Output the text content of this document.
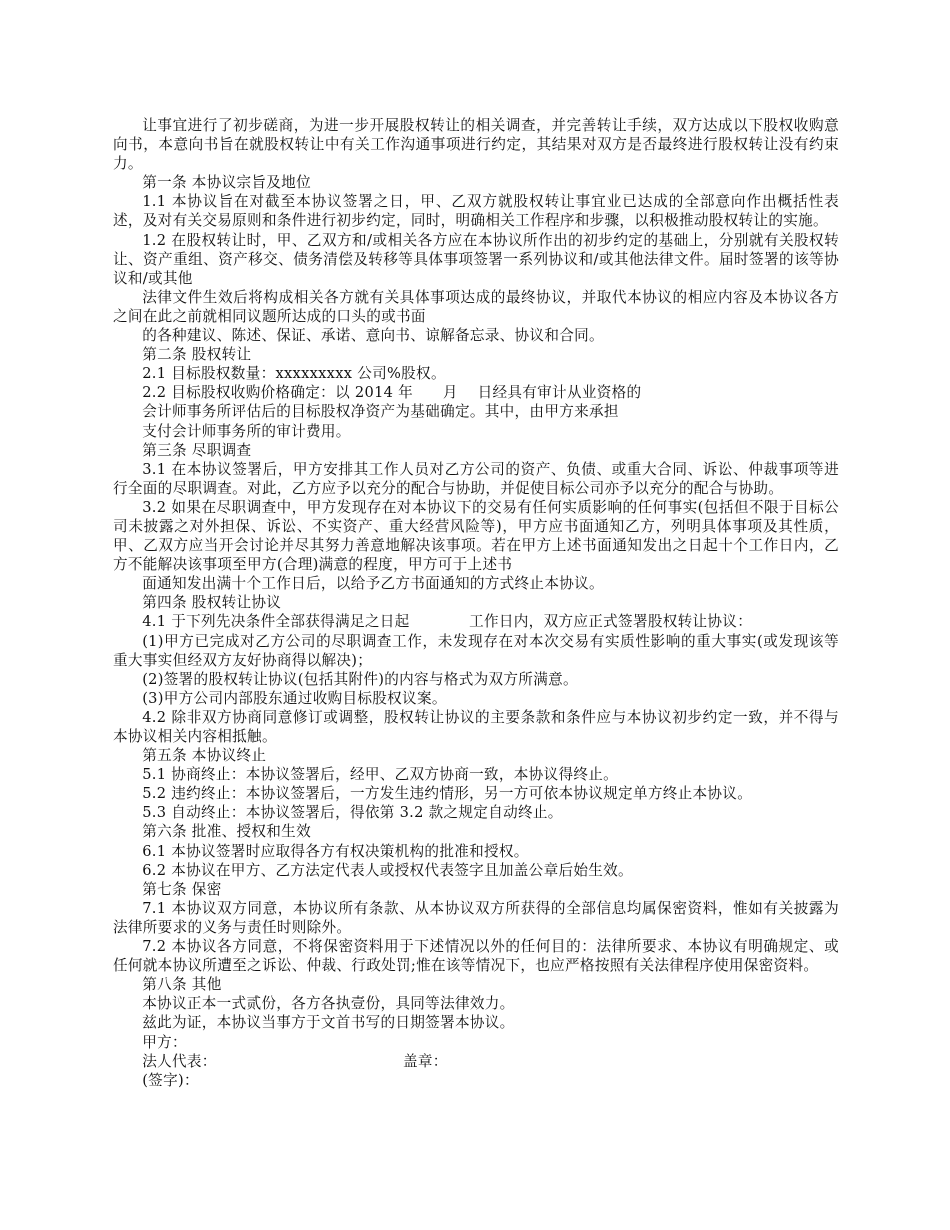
让事宜进行了初步磋商，为进一步开展股权转让的相关调查，并完善转让手续，双方达成以下股权收购意向书，本意向书旨在就股权转让中有关工作沟通事项进行约定，其结果对双方是否最终进行股权转让没有约束力。

第一条 本协议宗旨及地位

1.1 本协议旨在对截至本协议签署之日，甲、乙双方就股权转让事宜业已达成的全部意向作出概括性表述，及对有关交易原则和条件进行初步约定，同时，明确相关工作程序和步骤，以积极推动股权转让的实施。

1.2 在股权转让时，甲、乙双方和/或相关各方应在本协议所作出的初步约定的基础上，分别就有关股权转让、资产重组、资产移交、债务清偿及转移等具体事项签署一系列协议和/或其他法律文件。届时签署的该等协议和/或其他

法律文件生效后将构成相关各方就有关具体事项达成的最终协议，并取代本协议的相应内容及本协议各方之间在此之前就相同议题所达成的口头的或书面

的各种建议、陈述、保证、承诺、意向书、谅解备忘录、协议和合同。

第二条 股权转让

2.1 目标股权数量：xxxxxxxxx 公司%股权。

2.2 目标股权收购价格确定：以 2014 年　　月　 日经具有审计从业资格的

会计师事务所评估后的目标股权净资产为基础确定。其中，由甲方来承担

支付会计师事务所的审计费用。

第三条 尽职调查

3.1 在本协议签署后，甲方安排其工作人员对乙方公司的资产、负债、或重大合同、诉讼、仲裁事项等进行全面的尽职调查。对此，乙方应予以充分的配合与协助，并促使目标公司亦予以充分的配合与协助。

3.2 如果在尽职调查中，甲方发现存在对本协议下的交易有任何实质影响的任何事实(包括但不限于目标公司未披露之对外担保、诉讼、不实资产、重大经营风险等)，甲方应书面通知乙方，列明具体事项及其性质，甲、乙双方应当开会讨论并尽其努力善意地解决该事项。若在甲方上述书面通知发出之日起十个工作日内，乙方不能解决该事项至甲方(合理)满意的程度，甲方可于上述书

面通知发出满十个工作日后，以给予乙方书面通知的方式终止本协议。

第四条 股权转让协议

4.1 于下列先决条件全部获得满足之日起　　　　工作日内，双方应正式签署股权转让协议：

(1)甲方已完成对乙方公司的尽职调查工作，未发现存在对本次交易有实质性影响的重大事实(或发现该等重大事实但经双方友好协商得以解决)；

(2)签署的股权转让协议(包括其附件)的内容与格式为双方所满意。

(3)甲方公司内部股东通过收购目标股权议案。

4.2 除非双方协商同意修订或调整，股权转让协议的主要条款和条件应与本协议初步约定一致，并不得与本协议相关内容相抵触。

第五条 本协议终止

5.1 协商终止：本协议签署后，经甲、乙双方协商一致，本协议得终止。

5.2 违约终止：本协议签署后，一方发生违约情形，另一方可依本协议规定单方终止本协议。

5.3 自动终止：本协议签署后，得依第 3.2 款之规定自动终止。

第六条 批准、授权和生效

6.1 本协议签署时应取得各方有权决策机构的批准和授权。

6.2 本协议在甲方、乙方法定代表人或授权代表签字且加盖公章后始生效。

第七条 保密

7.1 本协议双方同意，本协议所有条款、从本协议双方所获得的全部信息均属保密资料，惟如有关披露为法律所要求的义务与责任时则除外。

7.2 本协议各方同意，不将保密资料用于下述情况以外的任何目的：法律所要求、本协议有明确规定、或任何就本协议所遭至之诉讼、仲裁、行政处罚;惟在该等情况下，也应严格按照有关法律程序使用保密资料。

第八条 其他

本协议正本一式贰份，各方各执壹份，具同等法律效力。

兹此为证，本协议当事方于文首书写的日期签署本协议。

甲方：

法人代表：　　　　　　　　　　　　　盖章：

(签字)：
